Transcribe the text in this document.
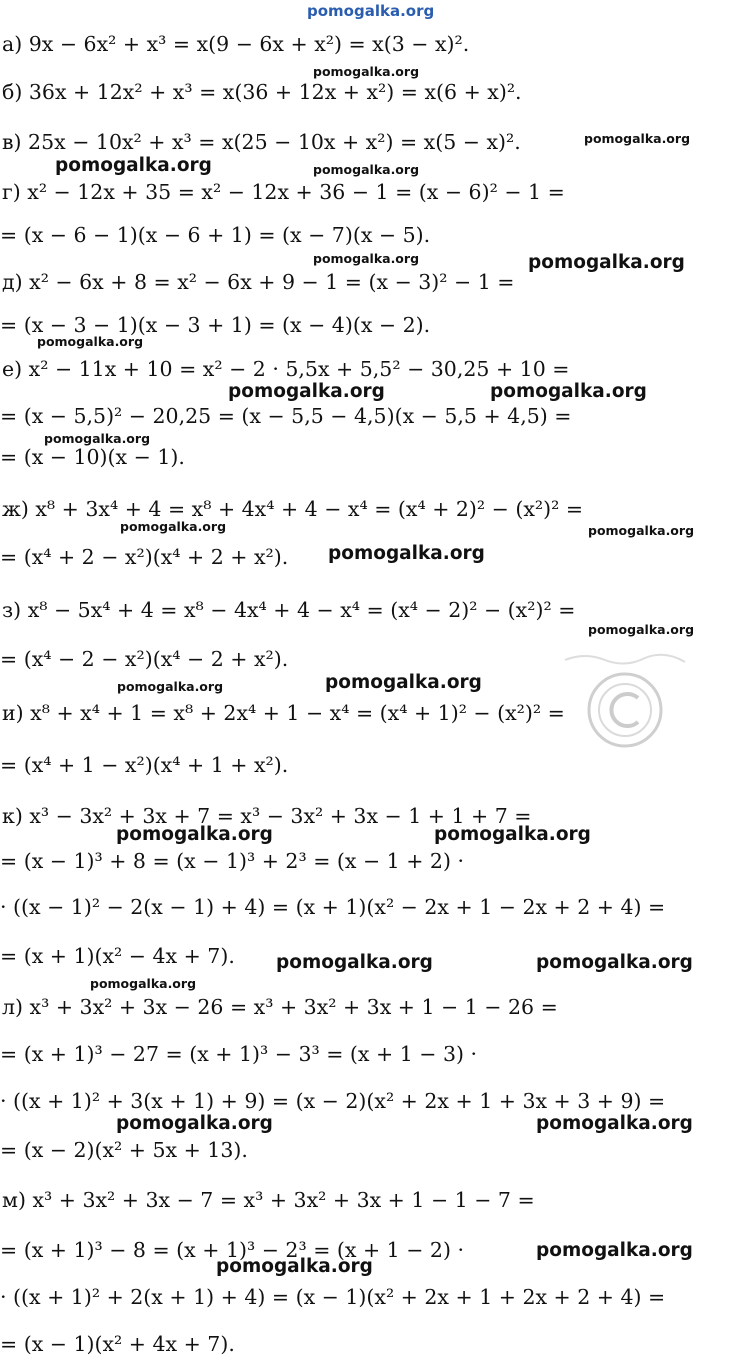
pomogalka.org
а) 9x − 6x² + x³ = x(9 − 6x + x²) = x(3 − x)².
б) 36x + 12x² + x³ = x(36 + 12x + x²) = x(6 + x)².
в) 25x − 10x² + x³ = x(25 − 10x + x²) = x(5 − x)².
г) x² − 12x + 35 = x² − 12x + 36 − 1 = (x − 6)² − 1 =
= (x − 6 − 1)(x − 6 + 1) = (x − 7)(x − 5).
д) x² − 6x + 8 = x² − 6x + 9 − 1 = (x − 3)² − 1 =
= (x − 3 − 1)(x − 3 + 1) = (x − 4)(x − 2).
е) x² − 11x + 10 = x² − 2 · 5,5x + 5,5² − 30,25 + 10 =
= (x − 5,5)² − 20,25 = (x − 5,5 − 4,5)(x − 5,5 + 4,5) =
= (x − 10)(x − 1).
ж) x⁸ + 3x⁴ + 4 = x⁸ + 4x⁴ + 4 − x⁴ = (x⁴ + 2)² − (x²)² =
= (x⁴ + 2 − x²)(x⁴ + 2 + x²).
з) x⁸ − 5x⁴ + 4 = x⁸ − 4x⁴ + 4 − x⁴ = (x⁴ − 2)² − (x²)² =
= (x⁴ − 2 − x²)(x⁴ − 2 + x²).
и) x⁸ + x⁴ + 1 = x⁸ + 2x⁴ + 1 − x⁴ = (x⁴ + 1)² − (x²)² =
= (x⁴ + 1 − x²)(x⁴ + 1 + x²).
к) x³ − 3x² + 3x + 7 = x³ − 3x² + 3x − 1 + 1 + 7 =
= (x − 1)³ + 8 = (x − 1)³ + 2³ = (x − 1 + 2) ·
· ((x − 1)² − 2(x − 1) + 4) = (x + 1)(x² − 2x + 1 − 2x + 2 + 4) =
= (x + 1)(x² − 4x + 7).
л) x³ + 3x² + 3x − 26 = x³ + 3x² + 3x + 1 − 1 − 26 =
= (x + 1)³ − 27 = (x + 1)³ − 3³ = (x + 1 − 3) ·
· ((x + 1)² + 3(x + 1) + 9) = (x − 2)(x² + 2x + 1 + 3x + 3 + 9) =
= (x − 2)(x² + 5x + 13).
м) x³ + 3x² + 3x − 7 = x³ + 3x² + 3x + 1 − 1 − 7 =
= (x + 1)³ − 8 = (x + 1)³ − 2³ = (x + 1 − 2) ·
· ((x + 1)² + 2(x + 1) + 4) = (x − 1)(x² + 2x + 1 + 2x + 2 + 4) =
= (x − 1)(x² + 4x + 7).
pomogalka.org
pomogalka.org
pomogalka.org	pomogalka.org
pomogalka.org	pomogalka.org
pomogalka.org
pomogalka.org	pomogalka.org
pomogalka.org
pomogalka.org	pomogalka.org
pomogalka.org
pomogalka.org
pomogalka.org	pomogalka.org
pomogalka.org	pomogalka.org
pomogalka.org	pomogalka.org
pomogalka.org
pomogalka.org	pomogalka.org
pomogalka.org
pomogalka.org
